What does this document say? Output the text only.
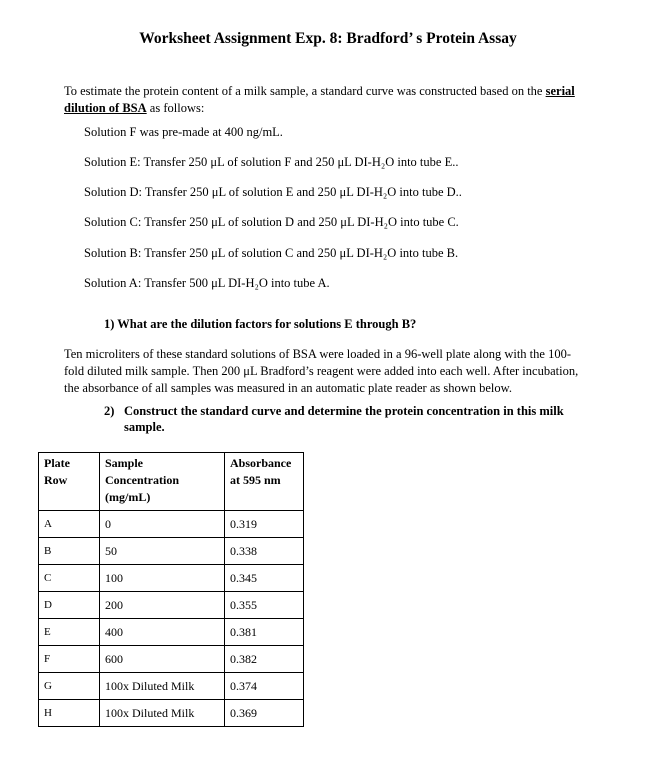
Worksheet Assignment Exp. 8: Bradford’ s Protein Assay
To estimate the protein content of a milk sample, a standard curve was constructed based on the serial dilution of BSA as follows:
Solution F was pre-made at 400 ng/mL.
Solution E: Transfer 250 μL of solution F and 250 μL DI-H₂O into tube E..
Solution D: Transfer 250 μL of solution E and 250 μL DI-H₂O into tube D..
Solution C: Transfer 250 μL of solution D and 250 μL DI-H₂O into tube C.
Solution B: Transfer 250 μL of solution C and 250 μL DI-H₂O into tube B.
Solution A: Transfer 500 μL DI-H₂O into tube A.
1) What are the dilution factors for solutions E through B?
Ten microliters of these standard solutions of BSA were loaded in a 96-well plate along with the 100-fold diluted milk sample. Then 200 μL Bradford’s reagent were added into each well. After incubation, the absorbance of all samples was measured in an automatic plate reader as shown below.
2) Construct the standard curve and determine the protein concentration in this milk sample.
Plate Row	Sample Concentration (mg/mL)	Absorbance at 595 nm
A	0	0.319
B	50	0.338
C	100	0.345
D	200	0.355
E	400	0.381
F	600	0.382
G	100x Diluted Milk	0.374
H	100x Diluted Milk	0.369
